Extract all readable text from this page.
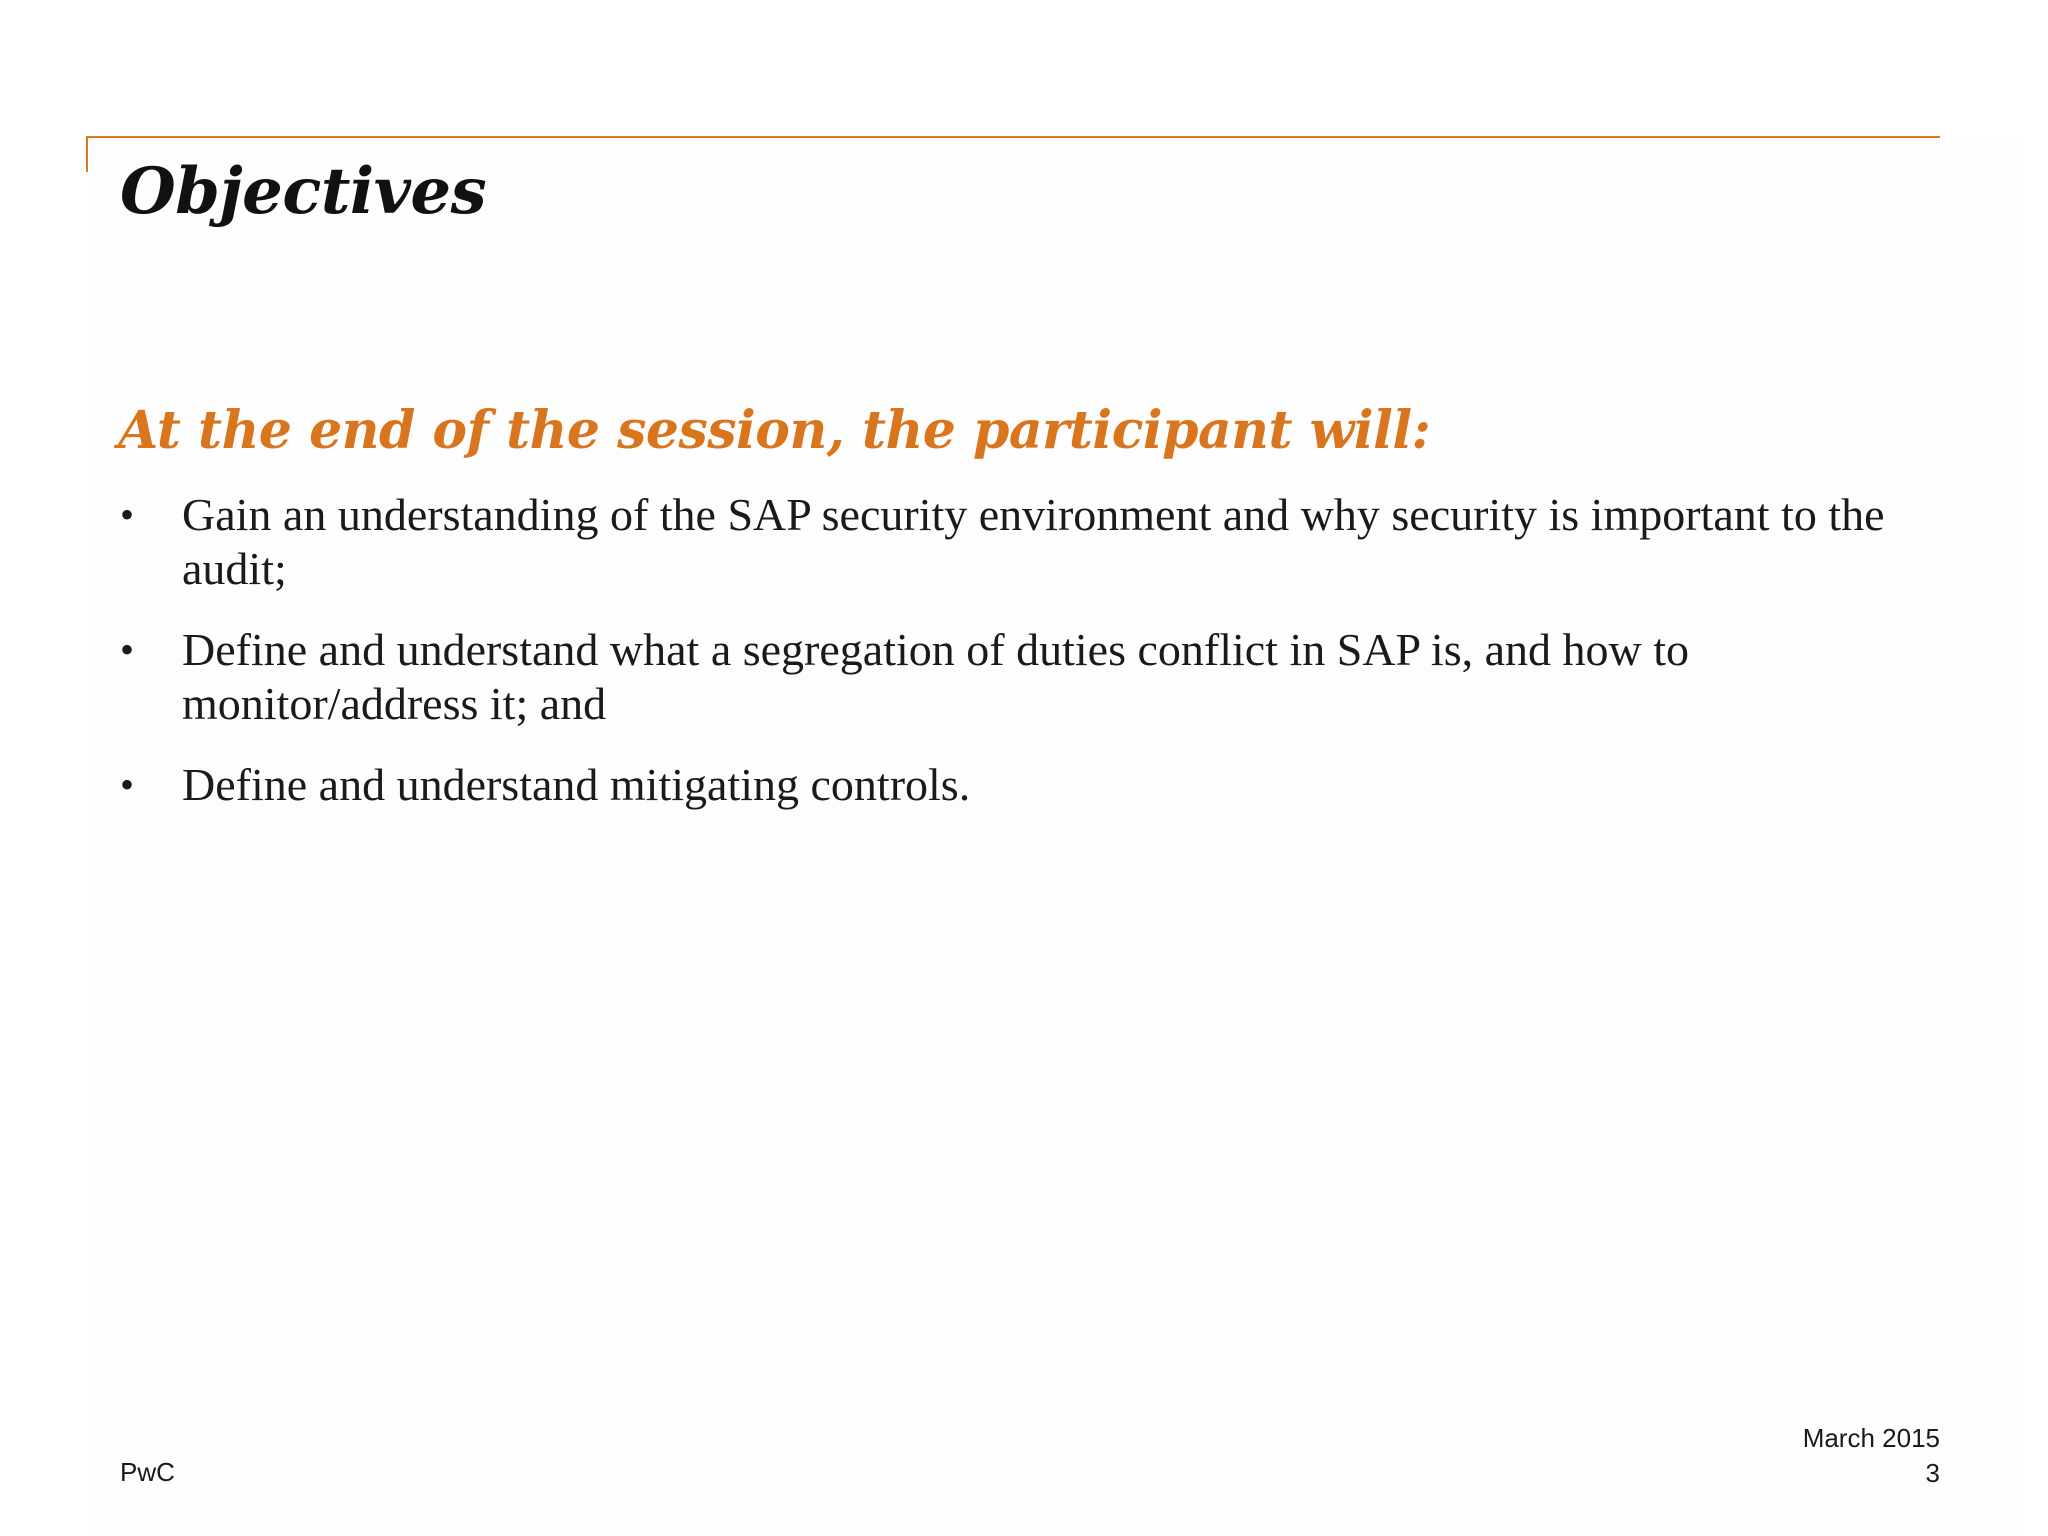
Objectives
At the end of the session, the participant will:
•	Gain an understanding of the SAP security environment and why security is important to the audit;
•	Define and understand what a segregation of duties conflict in SAP is, and how to monitor/address it; and
•	Define and understand mitigating controls.
PwC
March 2015
3
